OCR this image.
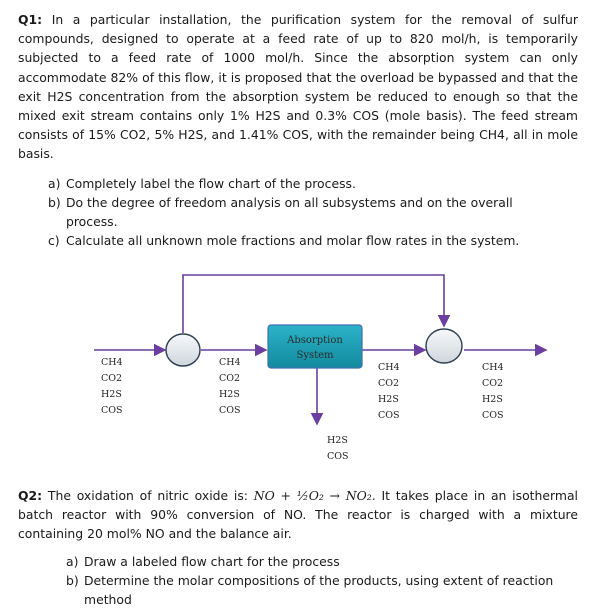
Q1: In a particular installation, the purification system for the removal of sulfur compounds, designed to operate at a feed rate of up to 820 mol/h, is temporarily subjected to a feed rate of 1000 mol/h. Since the absorption system can only accommodate 82% of this flow, it is proposed that the overload be bypassed and that the exit H2S concentration from the absorption system be reduced to enough so that the mixed exit stream contains only 1% H2S and 0.3% COS (mole basis). The feed stream consists of 15% CO2, 5% H2S, and 1.41% COS, with the remainder being CH4, all in mole basis.
a) Completely label the flow chart of the process.
b) Do the degree of freedom analysis on all subsystems and on the overall process.
c) Calculate all unknown mole fractions and molar flow rates in the system.
Absorption
System
CH4
CO2
H2S
COS
CH4
CO2
H2S
COS
CH4
CO2
H2S
COS
CH4
CO2
H2S
COS
H2S
COS
Q2: The oxidation of nitric oxide is: NO + ½O₂ → NO₂. It takes place in an isothermal batch reactor with 90% conversion of NO. The reactor is charged with a mixture containing 20 mol% NO and the balance air.
a) Draw a labeled flow chart for the process
b) Determine the molar compositions of the products, using extent of reaction method
